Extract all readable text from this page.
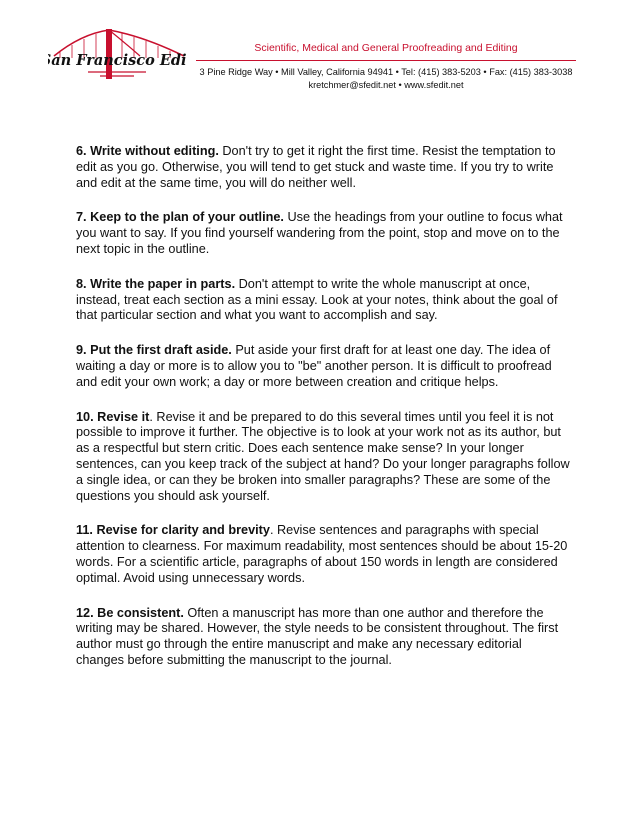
San Francisco Edit
Scientific, Medical and General Proofreading and Editing
3 Pine Ridge Way • Mill Valley, California 94941 • Tel: (415) 383-5203 • Fax: (415) 383-3038
kretchmer@sfedit.net • www.sfedit.net

6. Write without editing. Don't try to get it right the first time. Resist the temptation to edit as you go. Otherwise, you will tend to get stuck and waste time. If you try to write and edit at the same time, you will do neither well.

7. Keep to the plan of your outline. Use the headings from your outline to focus what you want to say. If you find yourself wandering from the point, stop and move on to the next topic in the outline.

8. Write the paper in parts. Don't attempt to write the whole manuscript at once, instead, treat each section as a mini essay. Look at your notes, think about the goal of that particular section and what you want to accomplish and say.

9. Put the first draft aside. Put aside your first draft for at least one day. The idea of waiting a day or more is to allow you to "be" another person. It is difficult to proofread and edit your own work; a day or more between creation and critique helps.

10. Revise it. Revise it and be prepared to do this several times until you feel it is not possible to improve it further. The objective is to look at your work not as its author, but as a respectful but stern critic. Does each sentence make sense? In your longer sentences, can you keep track of the subject at hand? Do your longer paragraphs follow a single idea, or can they be broken into smaller paragraphs? These are some of the questions you should ask yourself.

11. Revise for clarity and brevity. Revise sentences and paragraphs with special attention to clearness. For maximum readability, most sentences should be about 15-20 words. For a scientific article, paragraphs of about 150 words in length are considered optimal. Avoid using unnecessary words.

12. Be consistent. Often a manuscript has more than one author and therefore the writing may be shared. However, the style needs to be consistent throughout. The first author must go through the entire manuscript and make any necessary editorial changes before submitting the manuscript to the journal.
